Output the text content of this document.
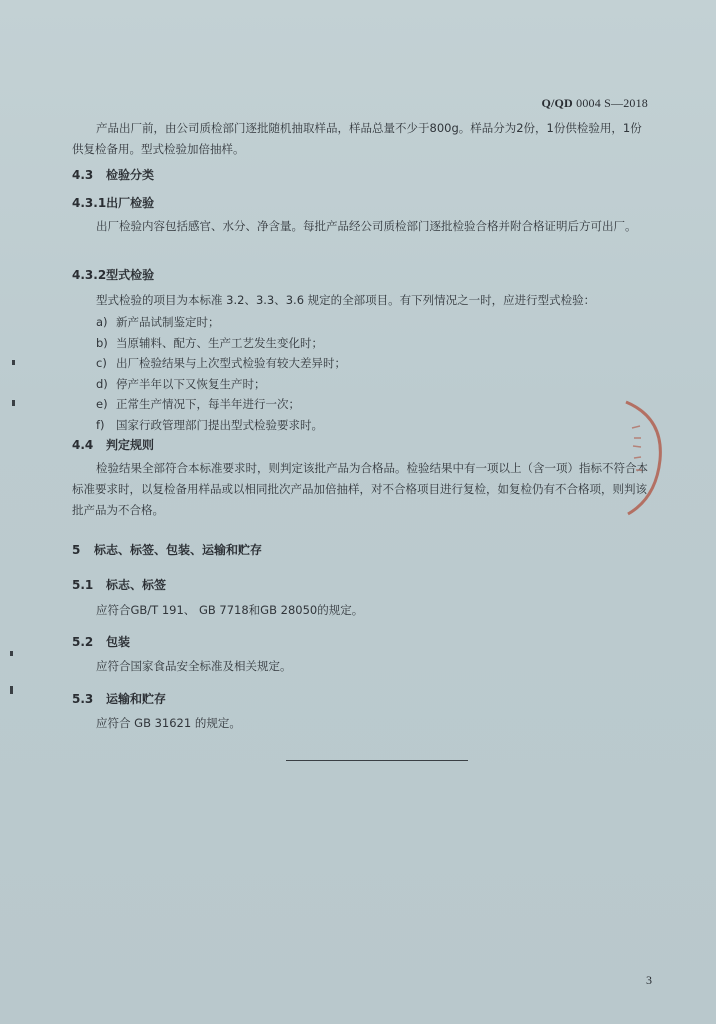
Q/QD 0004 S—2018
产品出厂前，由公司质检部门逐批随机抽取样品，样品总量不少于800g。样品分为2份，1份供检验用，1份供复检备用。型式检验加倍抽样。
4.3 检验分类
4.3.1出厂检验
出厂检验内容包括感官、水分、净含量。每批产品经公司质检部门逐批检验合格并附合格证明后方可出厂。
4.3.2型式检验
型式检验的项目为本标准 3.2、3.3、3.6 规定的全部项目。有下列情况之一时，应进行型式检验：
a) 新产品试制鉴定时；
b) 当原辅料、配方、生产工艺发生变化时；
c) 出厂检验结果与上次型式检验有较大差异时；
d) 停产半年以下又恢复生产时；
e) 正常生产情况下，每半年进行一次；
f) 国家行政管理部门提出型式检验要求时。
4.4 判定规则
检验结果全部符合本标准要求时，则判定该批产品为合格品。检验结果中有一项以上（含一项）指标不符合本标准要求时，以复检备用样品或以相同批次产品加倍抽样，对不合格项目进行复检，如复检仍有不合格项，则判该批产品为不合格。
5 标志、标签、包装、运输和贮存
5.1 标志、标签
应符合GB/T 191、 GB 7718和GB 28050的规定。
5.2 包装
应符合国家食品安全标准及相关规定。
5.3 运输和贮存
应符合 GB 31621 的规定。
3
